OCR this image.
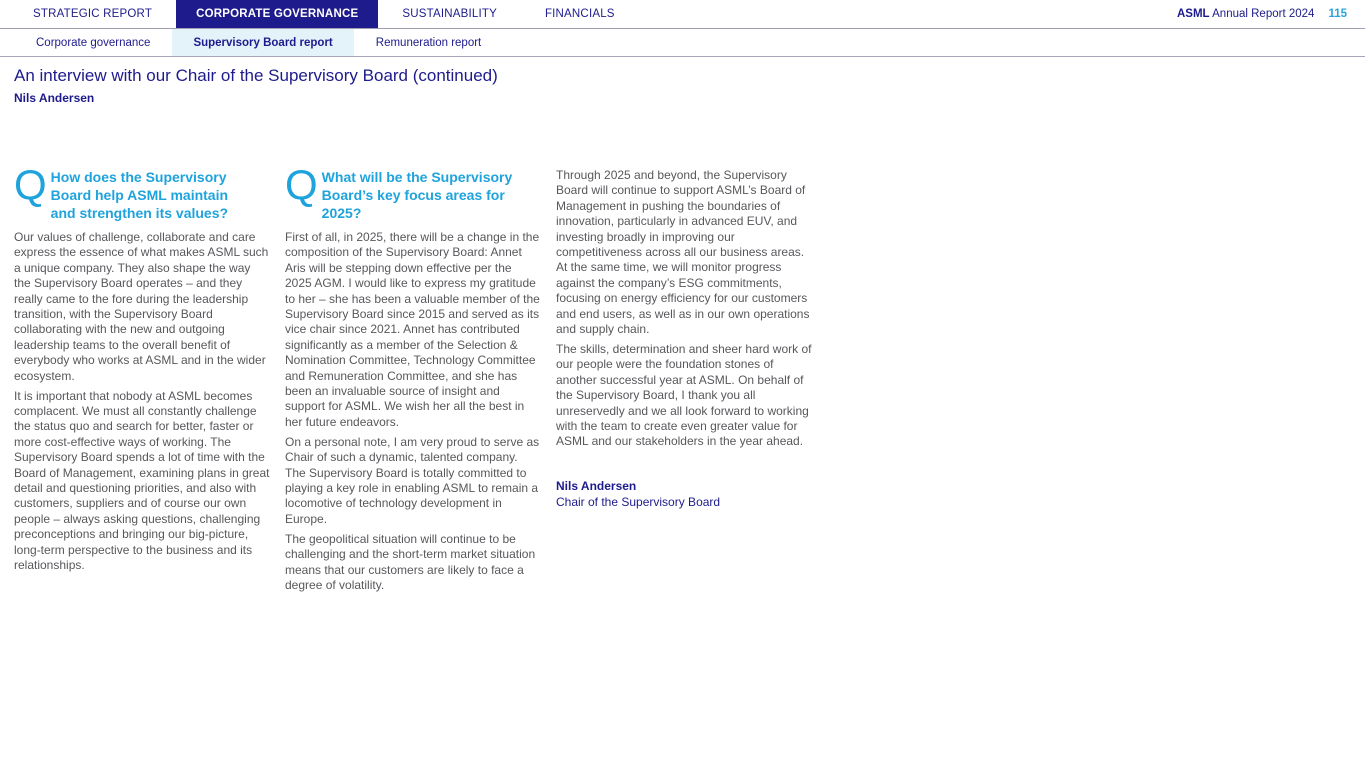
STRATEGIC REPORT	CORPORATE GOVERNANCE	SUSTAINABILITY	FINANCIALS	ASML Annual Report 2024 115
Corporate governance	Supervisory Board report	Remuneration report
An interview with our Chair of the Supervisory Board (continued)
Nils Andersen
Q How does the Supervisory Board help ASML maintain and strengthen its values?

Our values of challenge, collaborate and care express the essence of what makes ASML such a unique company. They also shape the way the Supervisory Board operates – and they really came to the fore during the leadership transition, with the Supervisory Board collaborating with the new and outgoing leadership teams to the overall benefit of everybody who works at ASML and in the wider ecosystem.

It is important that nobody at ASML becomes complacent. We must all constantly challenge the status quo and search for better, faster or more cost-effective ways of working. The Supervisory Board spends a lot of time with the Board of Management, examining plans in great detail and questioning priorities, and also with customers, suppliers and of course our own people – always asking questions, challenging preconceptions and bringing our big-picture, long-term perspective to the business and its relationships.

Q What will be the Supervisory Board’s key focus areas for 2025?

First of all, in 2025, there will be a change in the composition of the Supervisory Board: Annet Aris will be stepping down effective per the 2025 AGM. I would like to express my gratitude to her – she has been a valuable member of the Supervisory Board since 2015 and served as its vice chair since 2021. Annet has contributed significantly as a member of the Selection & Nomination Committee, Technology Committee and Remuneration Committee, and she has been an invaluable source of insight and support for ASML. We wish her all the best in her future endeavors.

On a personal note, I am very proud to serve as Chair of such a dynamic, talented company. The Supervisory Board is totally committed to playing a key role in enabling ASML to remain a locomotive of technology development in Europe.

The geopolitical situation will continue to be challenging and the short-term market situation means that our customers are likely to face a degree of volatility.

Through 2025 and beyond, the Supervisory Board will continue to support ASML’s Board of Management in pushing the boundaries of innovation, particularly in advanced EUV, and investing broadly in improving our competitiveness across all our business areas. At the same time, we will monitor progress against the company’s ESG commitments, focusing on energy efficiency for our customers and end users, as well as in our own operations and supply chain.

The skills, determination and sheer hard work of our people were the foundation stones of another successful year at ASML. On behalf of the Supervisory Board, I thank you all unreservedly and we all look forward to working with the team to create even greater value for ASML and our stakeholders in the year ahead.

Nils Andersen
Chair of the Supervisory Board
